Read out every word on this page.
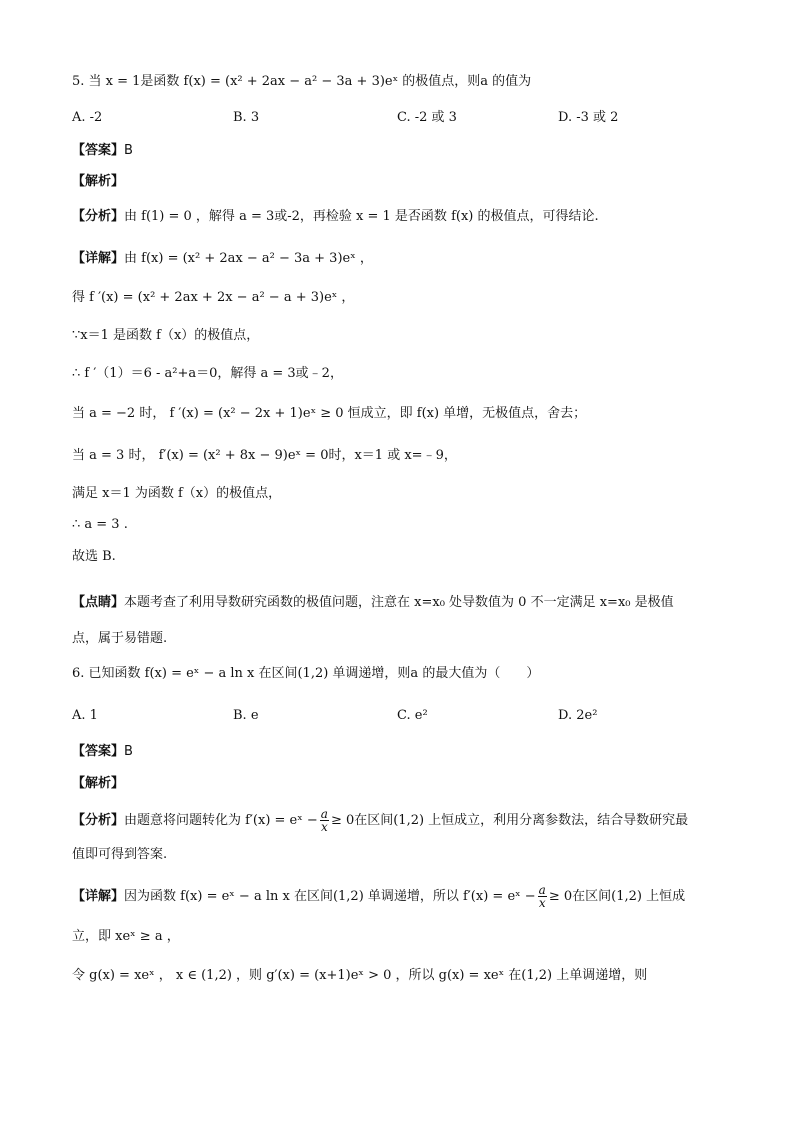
5. 当 x = 1是函数 f(x) = (x² + 2ax − a² − 3a + 3)eˣ 的极值点，则a 的值为
A. -2	B. 3	C. -2 或 3	D. -3 或 2
【答案】B
【解析】
【分析】由 f(1) = 0 ，解得 a = 3或-2，再检验 x = 1 是否函数 f(x) 的极值点，可得结论.
【详解】由 f(x) = (x² + 2ax − a² − 3a + 3)eˣ ，
得 f ′(x) = (x² + 2ax + 2x − a² − a + 3)eˣ ，
∵x＝1 是函数 f（x）的极值点，
∴ f ′（1）＝6 - a²+a＝0，解得 a = 3或﹣2，
当 a = −2 时， f ′(x) = (x² − 2x + 1)eˣ ≥ 0 恒成立，即 f(x) 单增，无极值点，舍去；
当 a = 3 时， f′(x) = (x² + 8x − 9)eˣ = 0时，x＝1 或 x=﹣9，
满足 x＝1 为函数 f（x）的极值点，
∴ a = 3 .
故选 B.
【点睛】本题考查了利用导数研究函数的极值问题，注意在 x=x₀ 处导数值为 0 不一定满足 x=x₀ 是极值
点，属于易错题.
6. 已知函数 f(x) = eˣ − a ln x 在区间(1,2) 单调递增，则a 的最大值为（　　）
A. 1	B. e	C. e²	D. 2e²
【答案】B
【解析】
【分析】由题意将问题转化为 f′(x) = eˣ − $\frac{a}{x} \ge 0$在区间(1,2) 上恒成立，利用分离参数法，结合导数研究最
值即可得到答案.
【详解】因为函数 f(x) = eˣ − a ln x 在区间(1,2) 单调递增，所以 f′(x) = eˣ − $\frac{a}{x} \ge 0$在区间(1,2) 上恒成
立，即 xeˣ ≥ a ，
令 g(x) = xeˣ ， x ∈ (1,2) ，则 g′(x) = (x+1)eˣ > 0 ，所以 g(x) = xeˣ 在(1,2) 上单调递增，则
